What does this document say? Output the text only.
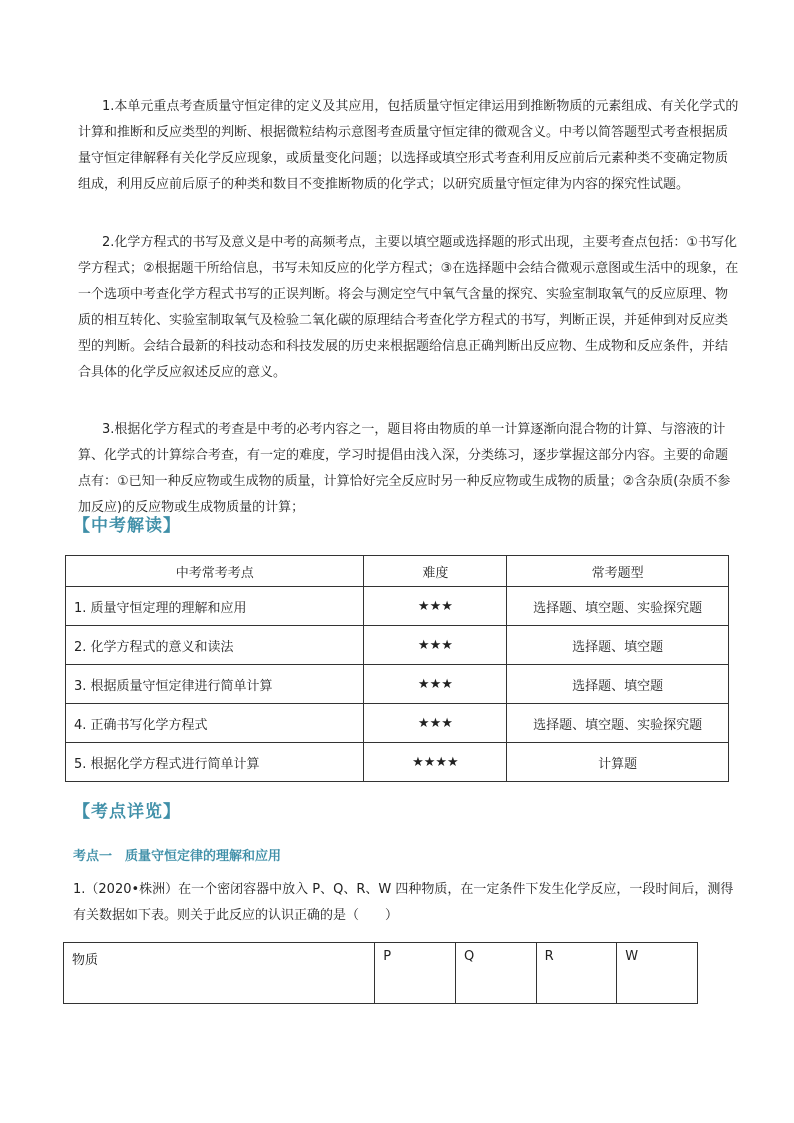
1.本单元重点考查质量守恒定律的定义及其应用，包括质量守恒定律运用到推断物质的元素组成、有关化学式的计算和推断和反应类型的判断、根据微粒结构示意图考查质量守恒定律的微观含义。中考以简答题型式考查根据质量守恒定律解释有关化学反应现象，或质量变化问题；以选择或填空形式考查利用反应前后元素种类不变确定物质组成，利用反应前后原子的种类和数目不变推断物质的化学式；以研究质量守恒定律为内容的探究性试题。

2.化学方程式的书写及意义是中考的高频考点，主要以填空题或选择题的形式出现，主要考查点包括：①书写化学方程式；②根据题干所给信息，书写未知反应的化学方程式；③在选择题中会结合微观示意图或生活中的现象，在一个选项中考查化学方程式书写的正误判断。将会与测定空气中氧气含量的探究、实验室制取氧气的反应原理、物质的相互转化、实验室制取氧气及检验二氧化碳的原理结合考查化学方程式的书写，判断正误，并延伸到对反应类型的判断。会结合最新的科技动态和科技发展的历史来根据题给信息正确判断出反应物、生成物和反应条件，并结合具体的化学反应叙述反应的意义。

3.根据化学方程式的考查是中考的必考内容之一，题目将由物质的单一计算逐渐向混合物的计算、与溶液的计算、化学式的计算综合考查，有一定的难度，学习时提倡由浅入深，分类练习，逐步掌握这部分内容。主要的命题点有：①已知一种反应物或生成物的质量，计算恰好完全反应时另一种反应物或生成物的质量；②含杂质(杂质不参加反应)的反应物或生成物质量的计算；

【中考解读】
中考常考考点	难度	常考题型
1. 质量守恒定理的理解和应用	★★★	选择题、填空题、实验探究题
2. 化学方程式的意义和读法	★★★	选择题、填空题
3. 根据质量守恒定律进行简单计算	★★★	选择题、填空题
4. 正确书写化学方程式	★★★	选择题、填空题、实验探究题
5. 根据化学方程式进行简单计算	★★★★	计算题
【考点详览】

考点一　质量守恒定律的理解和应用

1.（2020•株洲）在一个密闭容器中放入 P、Q、R、W 四种物质，在一定条件下发生化学反应，一段时间后，测得有关数据如下表。则关于此反应的认识正确的是（　　）

物质	P	Q	R	W
